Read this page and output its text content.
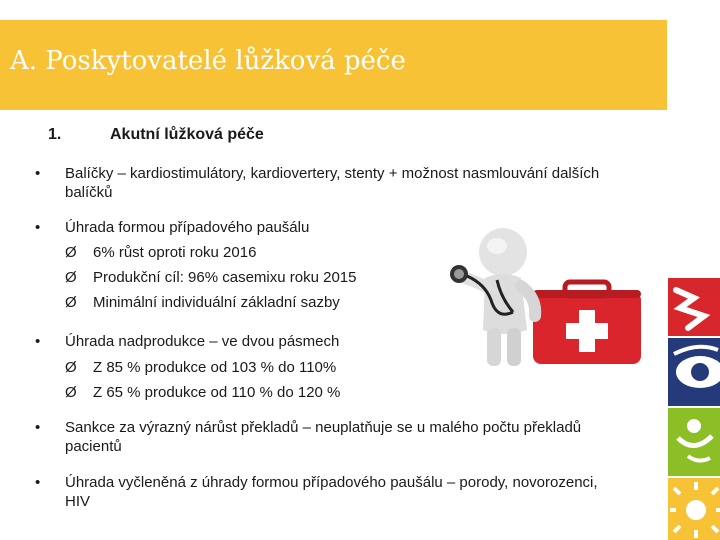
A. Poskytovatelé lůžková péče
1.	Akutní lůžková péče
• Balíčky – kardiostimulátory, kardiovertery, stenty + možnost nasmlouvání dalších balíčků
• Úhrada formou případového paušálu
Ø 6% růst oproti roku 2016
Ø Produkční cíl: 96% casemixu roku 2015
Ø Minimální individuální základní sazby
• Úhrada nadprodukce – ve dvou pásmech
Ø Z 85 % produkce od 103 % do 110%
Ø Z 65 % produkce od 110 % do 120 %
• Sankce za výrazný nárůst překladů – neuplatňuje se u malého počtu překladů pacientů
• Úhrada vyčleněná z úhrady formou případového paušálu – porody, novorozenci, HIV
